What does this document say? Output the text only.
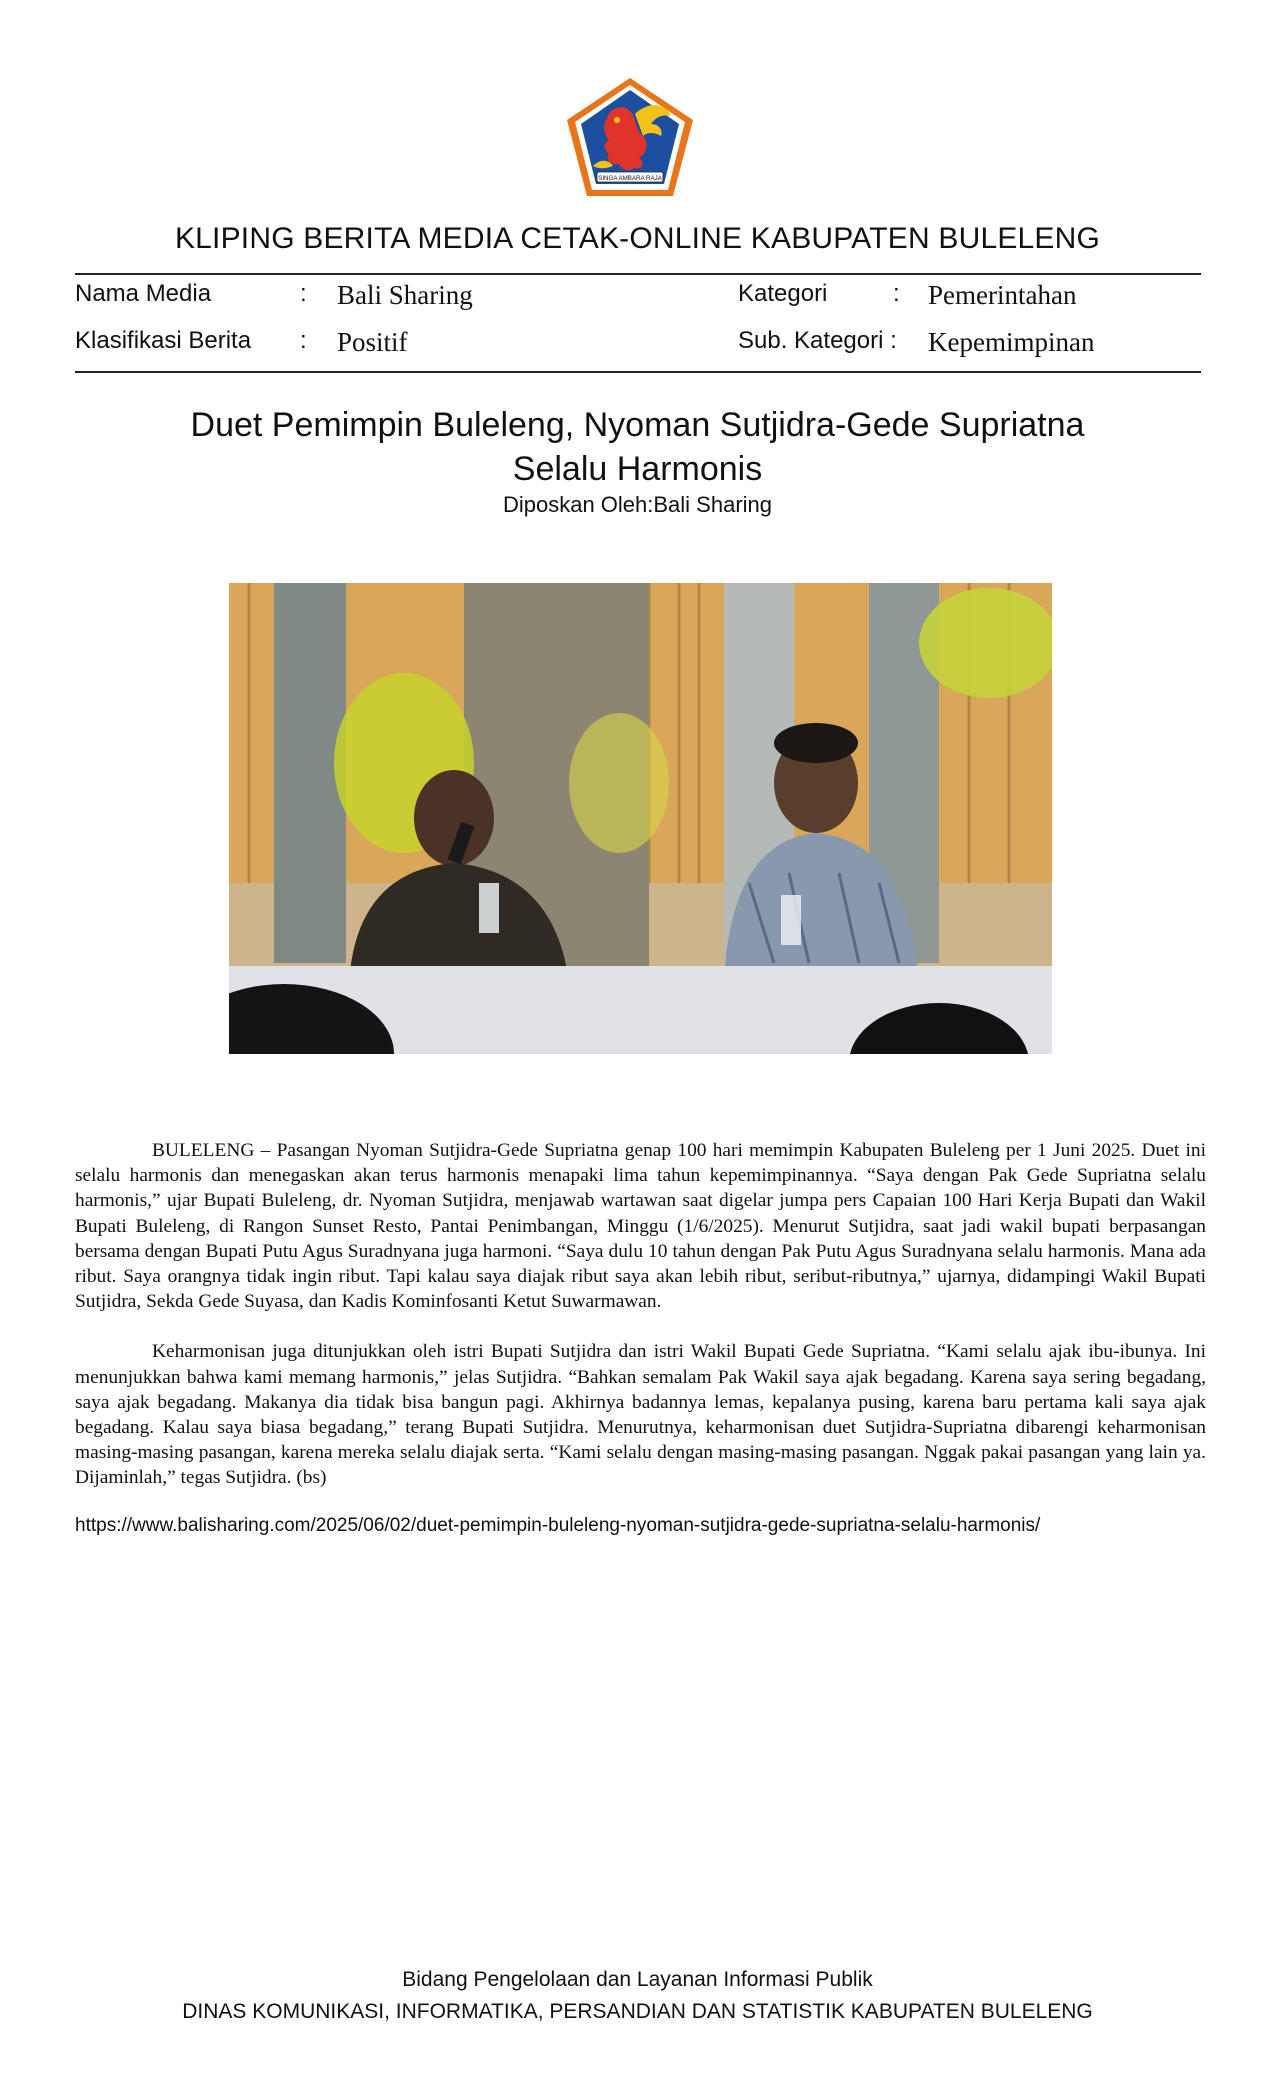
SINGA AMBARA RAJA
KLIPING BERITA MEDIA CETAK-ONLINE KABUPATEN BULELENG
Nama Media	: Bali Sharing	Kategori	: Pemerintahan
Klasifikasi Berita : Positif	Sub. Kategori : Kepemimpinan
Duet Pemimpin Buleleng, Nyoman Sutjidra-Gede Supriatna
Selalu Harmonis
Diposkan Oleh:Bali Sharing

BULELENG – Pasangan Nyoman Sutjidra-Gede Supriatna genap 100 hari memimpin Kabupaten Buleleng per 1 Juni 2025. Duet ini selalu harmonis dan menegaskan akan terus harmonis menapaki lima tahun kepemimpinannya. “Saya dengan Pak Gede Supriatna selalu harmonis,” ujar Bupati Buleleng, dr. Nyoman Sutjidra, menjawab wartawan saat digelar jumpa pers Capaian 100 Hari Kerja Bupati dan Wakil Bupati Buleleng, di Rangon Sunset Resto, Pantai Penimbangan, Minggu (1/6/2025). Menurut Sutjidra, saat jadi wakil bupati berpasangan bersama dengan Bupati Putu Agus Suradnyana juga harmoni. “Saya dulu 10 tahun dengan Pak Putu Agus Suradnyana selalu harmonis. Mana ada ribut. Saya orangnya tidak ingin ribut. Tapi kalau saya diajak ribut saya akan lebih ribut, seribut-ributnya,” ujarnya, didampingi Wakil Bupati Sutjidra, Sekda Gede Suyasa, dan Kadis Kominfosanti Ketut Suwarmawan.

Keharmonisan juga ditunjukkan oleh istri Bupati Sutjidra dan istri Wakil Bupati Gede Supriatna. “Kami selalu ajak ibu-ibunya. Ini menunjukkan bahwa kami memang harmonis,” jelas Sutjidra. “Bahkan semalam Pak Wakil saya ajak begadang. Karena saya sering begadang, saya ajak begadang. Makanya dia tidak bisa bangun pagi. Akhirnya badannya lemas, kepalanya pusing, karena baru pertama kali saya ajak begadang. Kalau saya biasa begadang,” terang Bupati Sutjidra. Menurutnya, keharmonisan duet Sutjidra-Supriatna dibarengi keharmonisan masing-masing pasangan, karena mereka selalu diajak serta. “Kami selalu dengan masing-masing pasangan. Nggak pakai pasangan yang lain ya. Dijaminlah,” tegas Sutjidra. (bs)

https://www.balisharing.com/2025/06/02/duet-pemimpin-buleleng-nyoman-sutjidra-gede-supriatna-selalu-harmonis/
Bidang Pengelolaan dan Layanan Informasi Publik
DINAS KOMUNIKASI, INFORMATIKA, PERSANDIAN DAN STATISTIK KABUPATEN BULELENG
